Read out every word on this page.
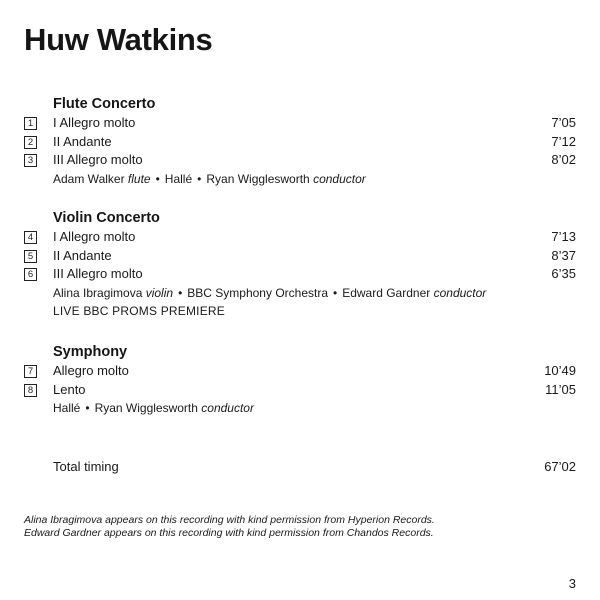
Huw Watkins
Flute Concerto
1 I Allegro molto	7’05
2 II Andante	7’12
3 III Allegro molto	8’02
Adam Walker flute • Hallé • Ryan Wigglesworth conductor
Violin Concerto
4 I Allegro molto	7’13
5 II Andante	8’37
6 III Allegro molto	6’35
Alina Ibragimova violin • BBC Symphony Orchestra • Edward Gardner conductor
LIVE BBC PROMS PREMIERE
Symphony
7 Allegro molto	10’49
8 Lento	11’05
Hallé • Ryan Wigglesworth conductor
Total timing	67’02
Alina Ibragimova appears on this recording with kind permission from Hyperion Records.
Edward Gardner appears on this recording with kind permission from Chandos Records.
3
